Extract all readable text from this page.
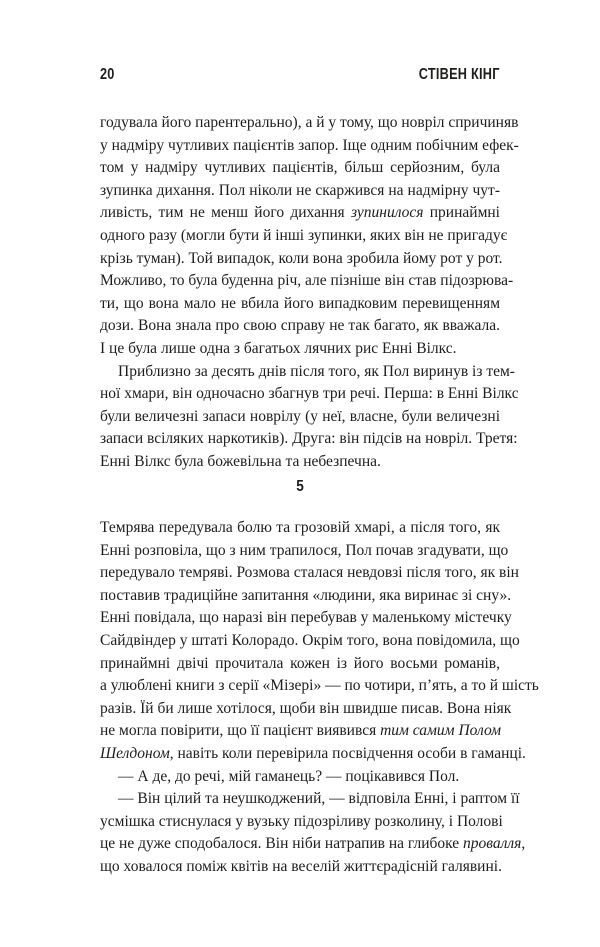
20	СТІВЕН КІНГ
годувала його парентерально), а й у тому, що новріл спричиняв
у надміру чутливих пацієнтів запор. Іще одним побічним ефек-
том у надміру чутливих пацієнтів, більш серйозним, була
зупинка дихання. Пол ніколи не скаржився на надмірну чут-
ливість, тим не менш його дихання зупинилося принаймні
одного разу (могли бути й інші зупинки, яких він не пригадує
крізь туман). Той випадок, коли вона зробила йому рот у рот.
Можливо, то була буденна річ, але пізніше він став підозрюва-
ти, що вона мало не вбила його випадковим перевищенням
дози. Вона знала про свою справу не так багато, як вважала.
І це була лише одна з багатьох лячних рис Енні Вілкс.
Приблизно за десять днів після того, як Пол виринув із тем-
ної хмари, він одночасно збагнув три речі. Перша: в Енні Вілкс
були величезні запаси новрілу (у неї, власне, були величезні
запаси всіляких наркотиків). Друга: він підсів на новріл. Третя:
Енні Вілкс була божевільна та небезпечна.
5
Темрява передувала болю та грозовій хмарі, а після того, як
Енні розповіла, що з ним трапилося, Пол почав згадувати, що
передувало темряві. Розмова сталася невдовзі після того, як він
поставив традиційне запитання «людини, яка виринає зі сну».
Енні повідала, що наразі він перебував у маленькому містечку
Сайдвіндер у штаті Колорадо. Окрім того, вона повідомила, що
принаймні двічі прочитала кожен із його восьми романів,
а улюблені книги з серії «Мізері» — по чотири, п’ять, а то й шість
разів. Їй би лише хотілося, щоби він швидше писав. Вона ніяк
не могла повірити, що її пацієнт виявився тим самим Полом
Шелдоном, навіть коли перевірила посвідчення особи в гаманці.
— А де, до речі, мій гаманець? — поцікавився Пол.
— Він цілий та неушкоджений, — відповіла Енні, і раптом її
усмішка стиснулася у вузьку підозріливу розколину, і Полові
це не дуже сподобалося. Він ніби натрапив на глибоке провалля,
що ховалося поміж квітів на веселій життєрадісній галявині.
